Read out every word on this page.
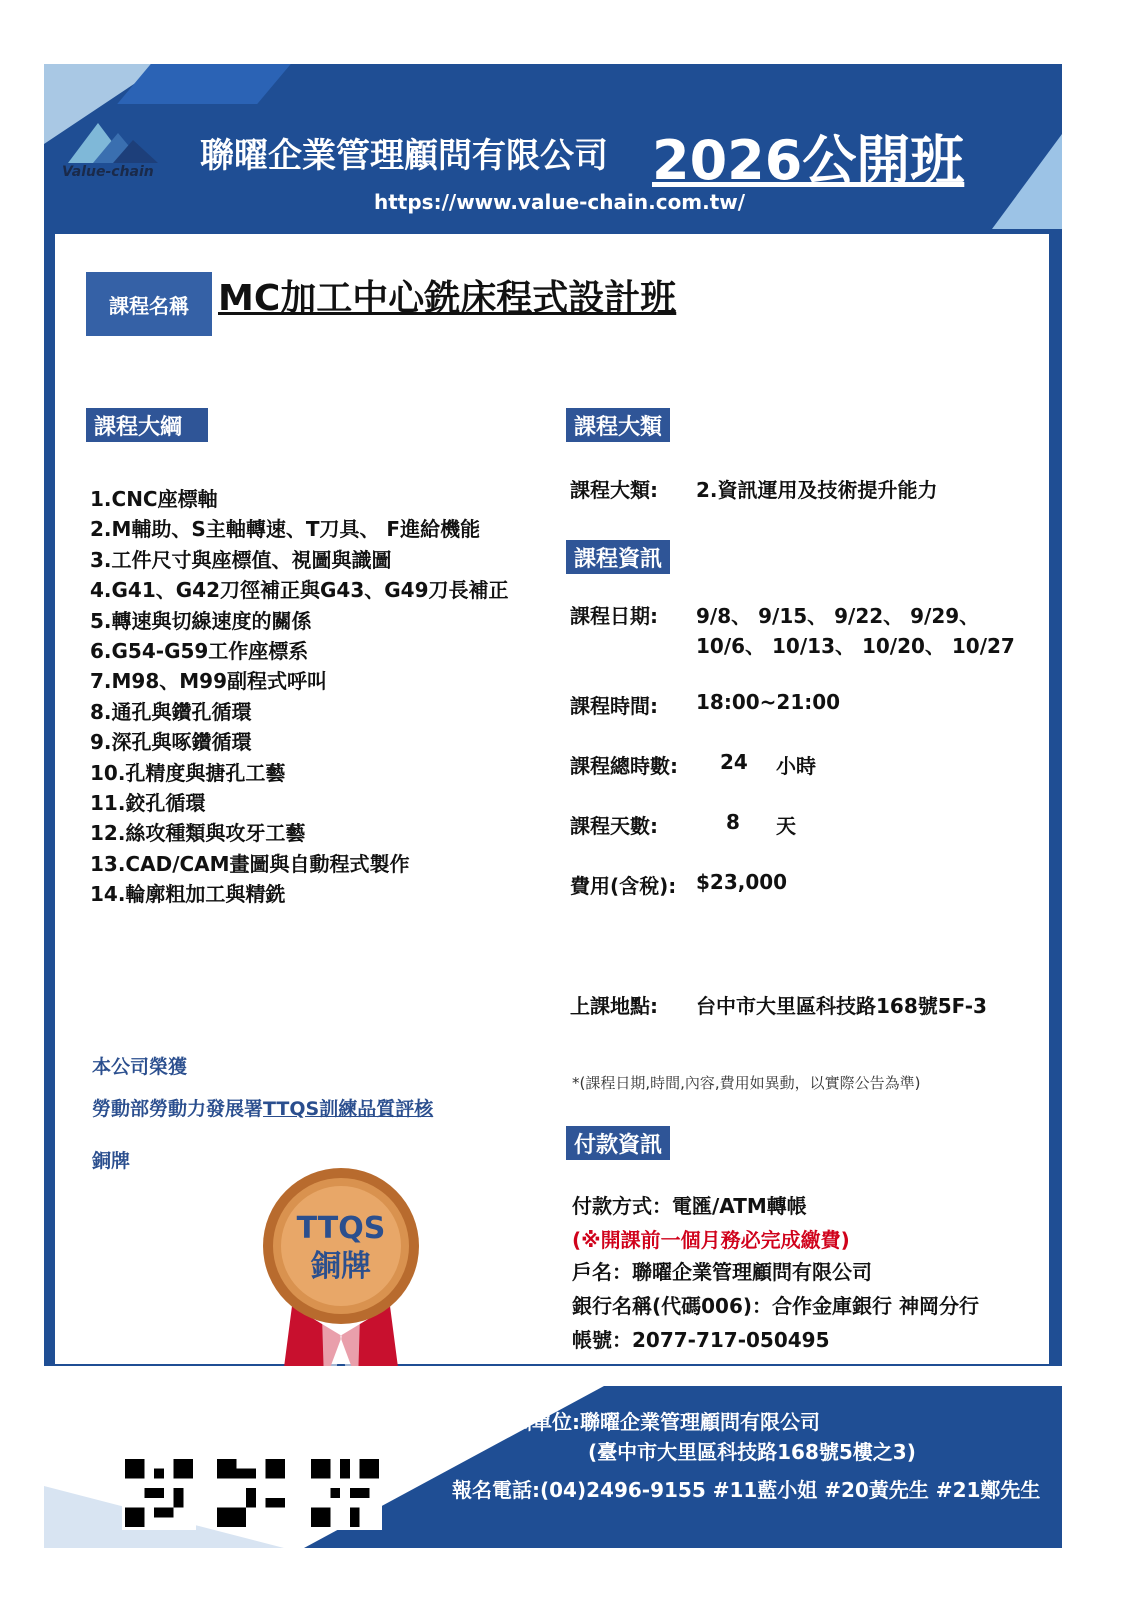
Value-chain 聯曜企業管理顧問有限公司 2026公開班
https://www.value-chain.com.tw/
課程名稱 MC加工中心銑床程式設計班
課程大綱
1.CNC座標軸
2.M輔助、S主軸轉速、T刀具、 F進給機能
3.工件尺寸與座標值、視圖與識圖
4.G41、G42刀徑補正與G43、G49刀長補正
5.轉速與切線速度的關係
6.G54-G59工作座標系
7.M98、M99副程式呼叫
8.通孔與鑽孔循環
9.深孔與啄鑽循環
10.孔精度與搪孔工藝
11.鉸孔循環
12.絲攻種類與攻牙工藝
13.CAD/CAM畫圖與自動程式製作
14.輪廓粗加工與精銑
課程大類
課程大類: 2.資訊運用及技術提升能力
課程資訊
課程日期: 9/8、 9/15、 9/22、 9/29、
10/6、 10/13、 10/20、 10/27
課程時間: 18:00~21:00
課程總時數: 24 小時
課程天數:	8 天
費用(含稅): $23,000
上課地點: 台中市大里區科技路168號5F-3
*(課程日期,時間,內容,費用如異動，以實際公告為準)
本公司榮獲
勞動部勞動力發展署TTQS訓練品質評核
銅牌
TTQS
銅牌
付款資訊
付款方式：電匯/ATM轉帳
(※開課前一個月務必完成繳費)
戶名：聯曜企業管理顧問有限公司
銀行名稱(代碼006)：合作金庫銀行 神岡分行
帳號：2077-717-050495
辦訓單位:聯曜企業管理顧問有限公司
(臺中市大里區科技路168號5樓之3)
報名電話:(04)2496-9155 #11藍小姐 #20黃先生 #21鄭先生
